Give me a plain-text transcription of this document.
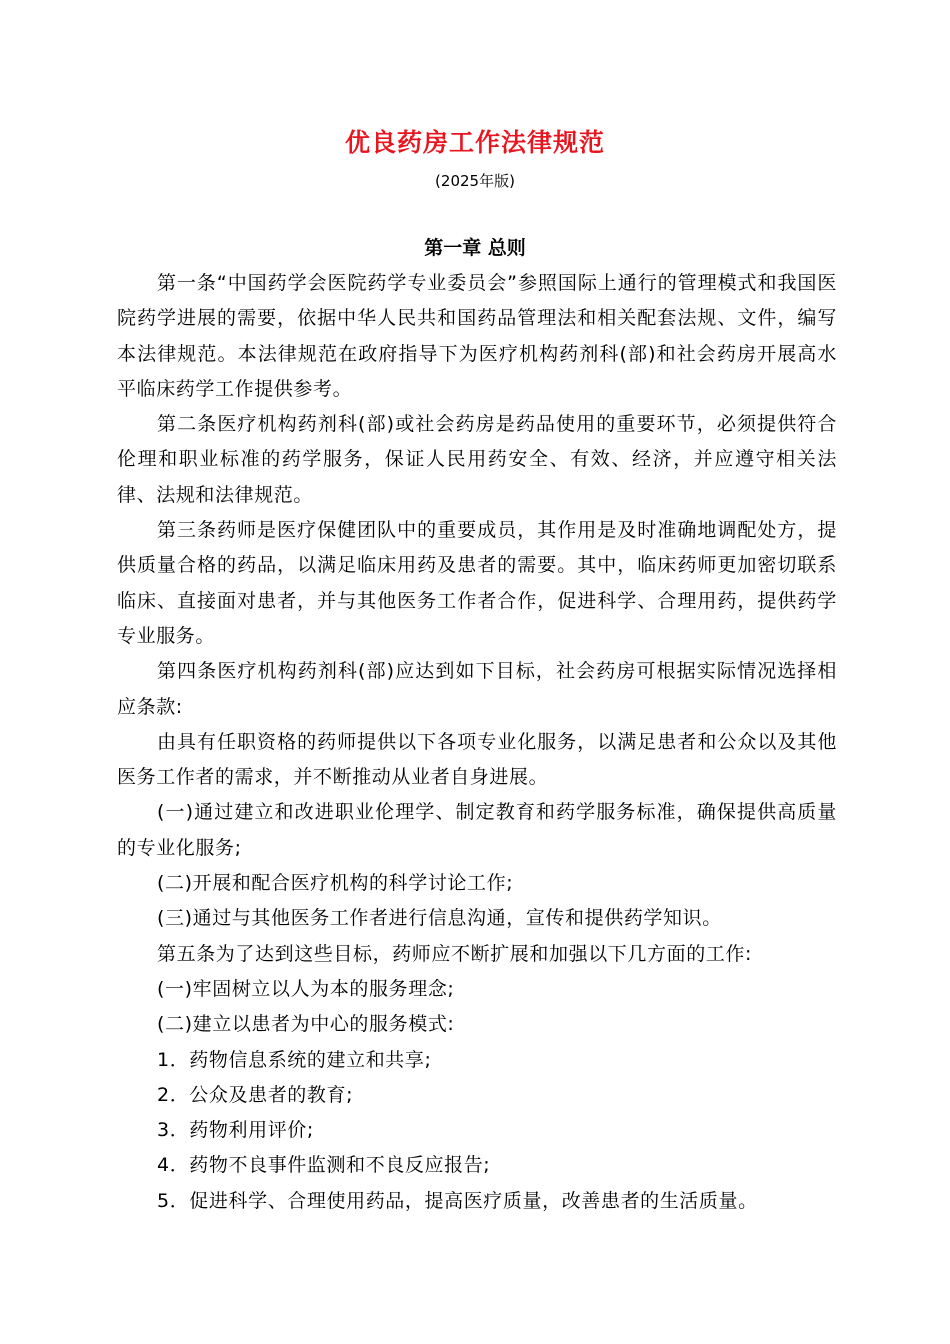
优良药房工作法律规范
(2025年版)
第一章 总则

第一条“中国药学会医院药学专业委员会”参照国际上通行的管理模式和我国医院药学进展的需要，依据中华人民共和国药品管理法和相关配套法规、文件，编写本法律规范。本法律规范在政府指导下为医疗机构药剂科(部)和社会药房开展高水平临床药学工作提供参考。

第二条医疗机构药剂科(部)或社会药房是药品使用的重要环节，必须提供符合伦理和职业标准的药学服务，保证人民用药安全、有效、经济，并应遵守相关法律、法规和法律规范。

第三条药师是医疗保健团队中的重要成员，其作用是及时准确地调配处方，提供质量合格的药品，以满足临床用药及患者的需要。其中，临床药师更加密切联系临床、直接面对患者，并与其他医务工作者合作，促进科学、合理用药，提供药学专业服务。

第四条医疗机构药剂科(部)应达到如下目标，社会药房可根据实际情况选择相应条款:

由具有任职资格的药师提供以下各项专业化服务，以满足患者和公众以及其他医务工作者的需求，并不断推动从业者自身进展。

(一)通过建立和改进职业伦理学、制定教育和药学服务标准，确保提供高质量的专业化服务;

(二)开展和配合医疗机构的科学讨论工作;

(三)通过与其他医务工作者进行信息沟通，宣传和提供药学知识。

第五条为了达到这些目标，药师应不断扩展和加强以下几方面的工作:

(一)牢固树立以人为本的服务理念;

(二)建立以患者为中心的服务模式:

1．药物信息系统的建立和共享;

2．公众及患者的教育;

3．药物利用评价;

4．药物不良事件监测和不良反应报告;

5．促进科学、合理使用药品，提高医疗质量，改善患者的生活质量。
